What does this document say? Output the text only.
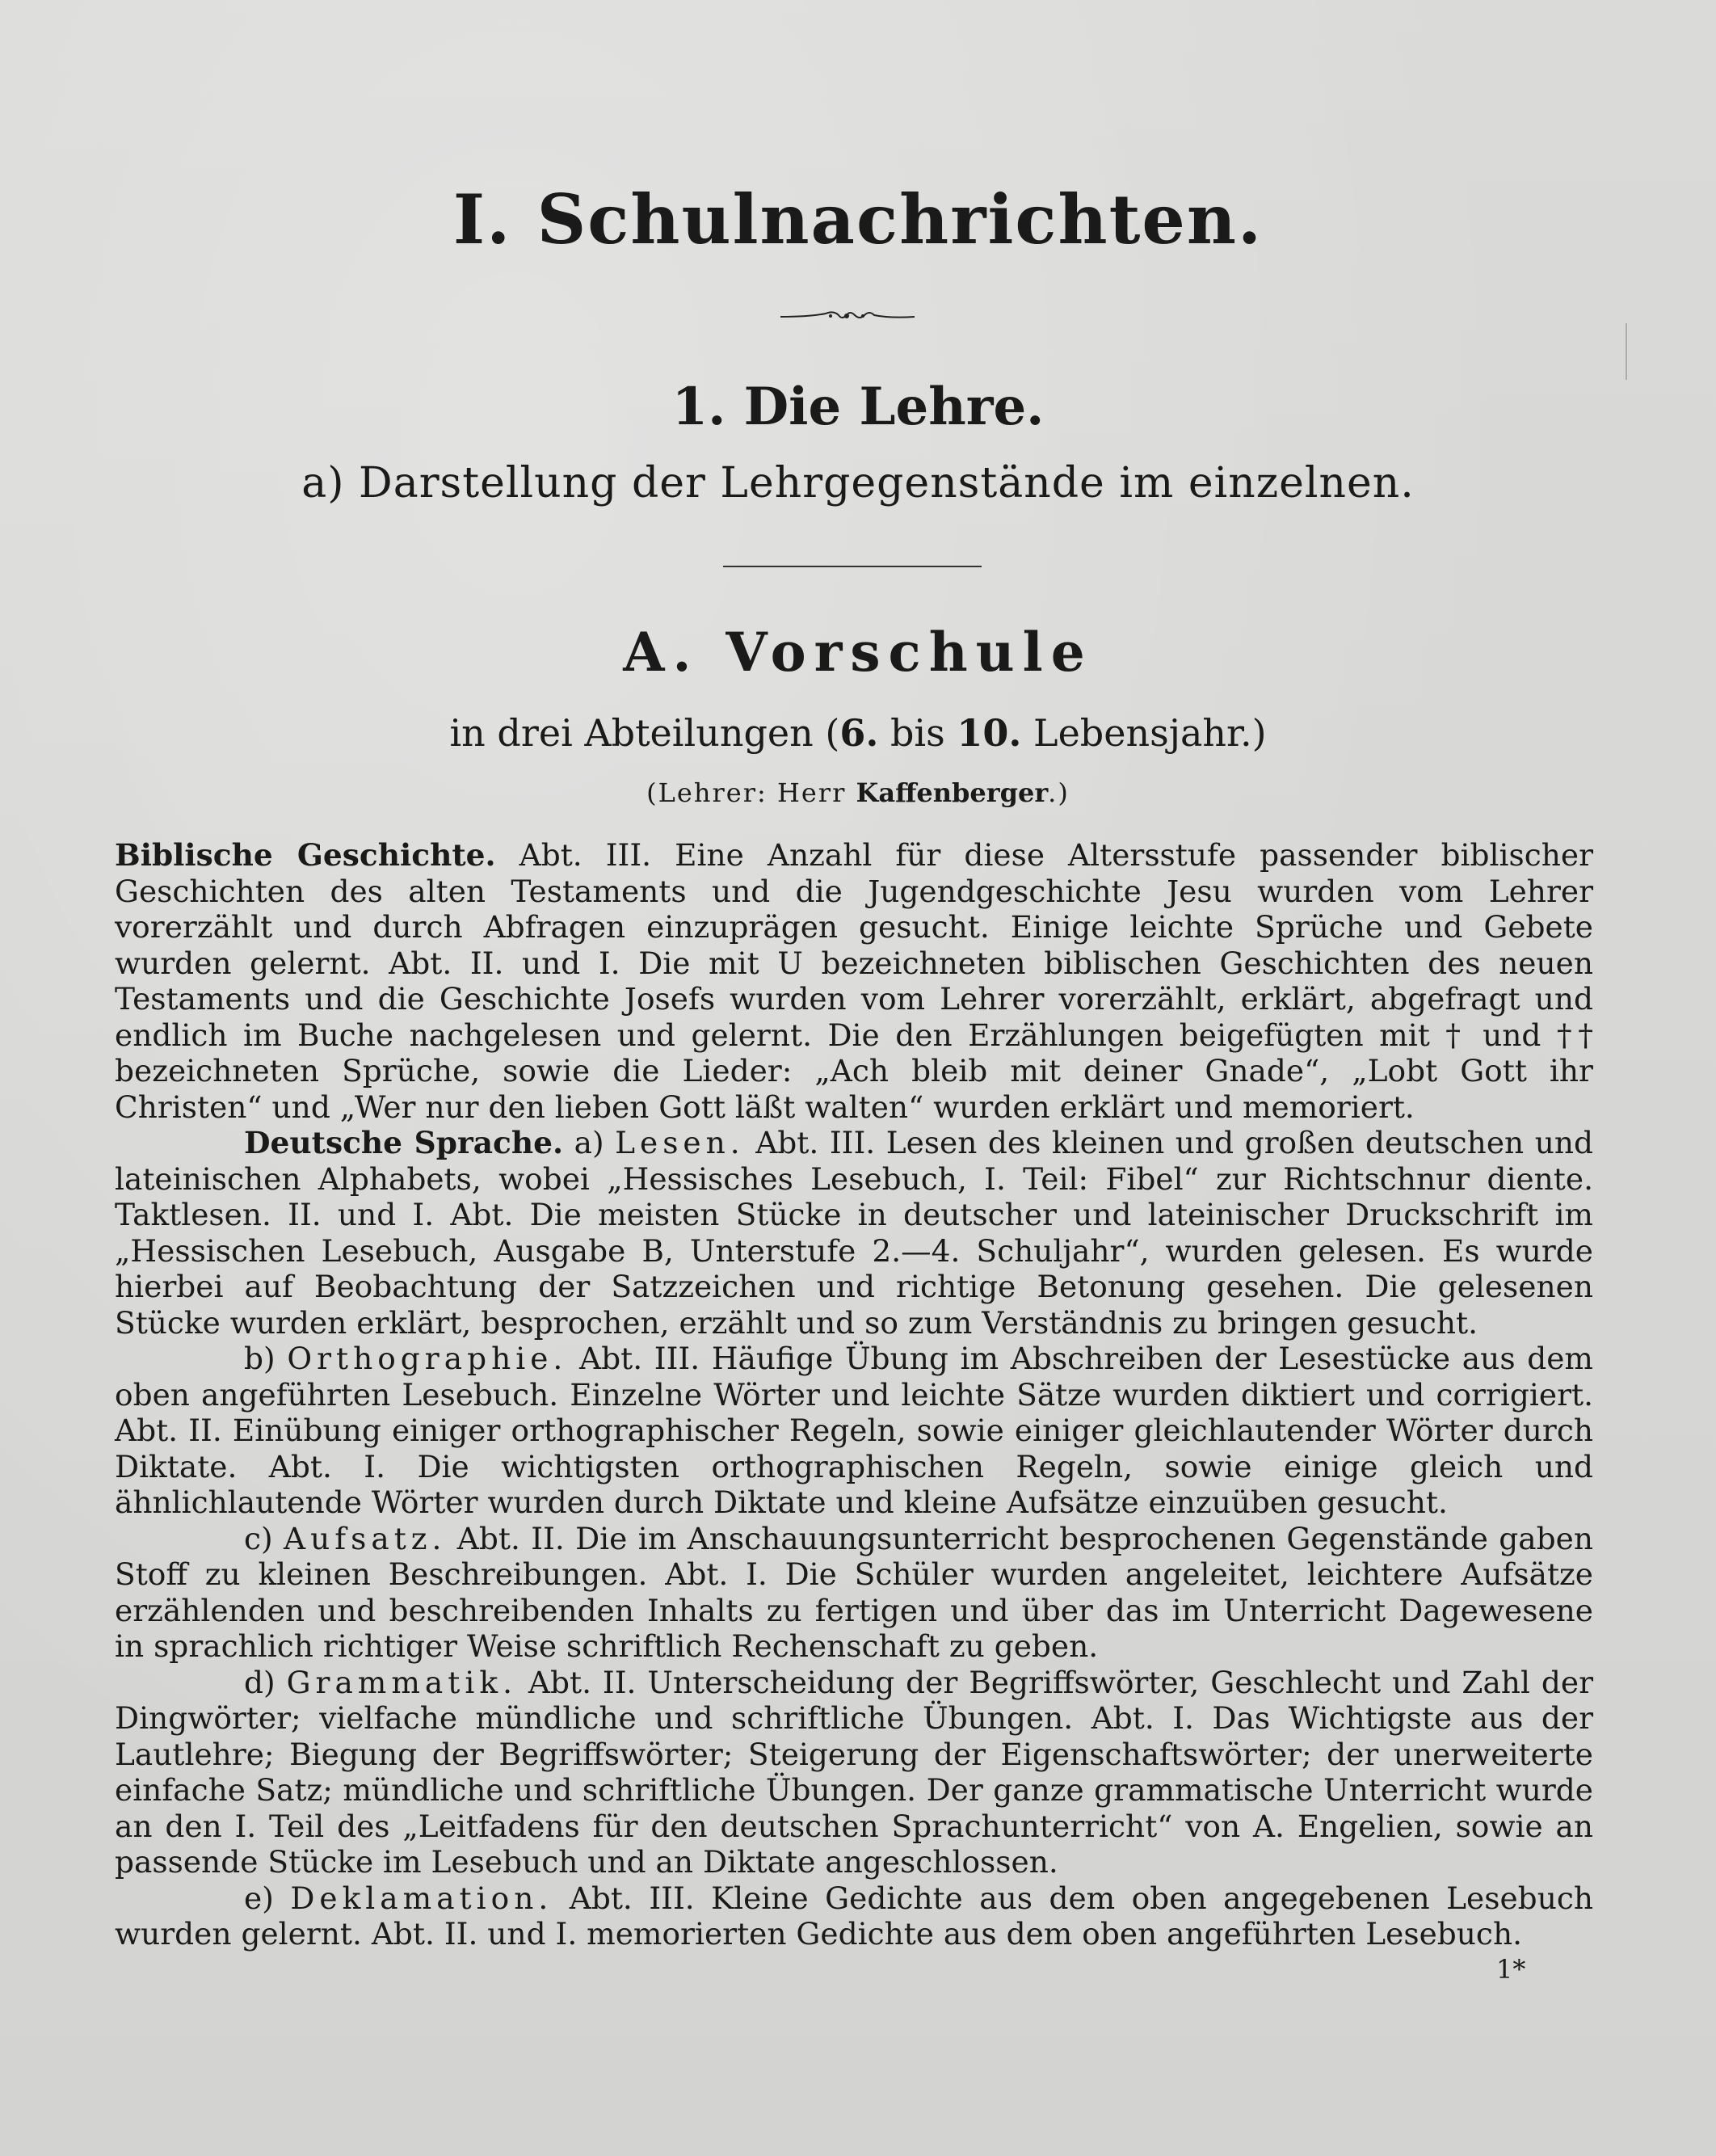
I. Schulnachrichten.
1. Die Lehre.
a) Darstellung der Lehrgegenstände im einzelnen.
A. Vorschule
in drei Abteilungen (6. bis 10. Lebensjahr.)
(Lehrer: Herr Kaffenberger.)

Biblische Geschichte. Abt. III. Eine Anzahl für diese Altersstufe passender biblischer Geschichten des alten Testaments und die Jugendgeschichte Jesu wurden vom Lehrer vorerzählt und durch Abfragen einzuprägen gesucht. Einige leichte Sprüche und Gebete wurden gelernt. Abt. II. und I. Die mit U bezeichneten biblischen Geschichten des neuen Testaments und die Geschichte Josefs wurden vom Lehrer vorerzählt, erklärt, abgefragt und endlich im Buche nachgelesen und gelernt. Die den Erzählungen beigefügten mit † und †† bezeichneten Sprüche, sowie die Lieder: „Ach bleib mit deiner Gnade“, „Lobt Gott ihr Christen“ und „Wer nur den lieben Gott läßt walten“ wurden erklärt und memoriert.

Deutsche Sprache. a) Lesen. Abt. III. Lesen des kleinen und großen deutschen und lateinischen Alphabets, wobei „Hessisches Lesebuch, I. Teil: Fibel“ zur Richtschnur diente. Taktlesen. II. und I. Abt. Die meisten Stücke in deutscher und lateinischer Druckschrift im „Hessischen Lesebuch, Ausgabe B, Unterstufe 2.—4. Schuljahr“, wurden gelesen. Es wurde hierbei auf Beobachtung der Satzzeichen und richtige Betonung gesehen. Die gelesenen Stücke wurden erklärt, besprochen, erzählt und so zum Verständnis zu bringen gesucht.

b) Orthographie. Abt. III. Häufige Übung im Abschreiben der Lesestücke aus dem oben angeführten Lesebuch. Einzelne Wörter und leichte Sätze wurden diktiert und corrigiert. Abt. II. Einübung einiger orthographischer Regeln, sowie einiger gleichlautender Wörter durch Diktate. Abt. I. Die wichtigsten orthographischen Regeln, sowie einige gleich und ähnlichlautende Wörter wurden durch Diktate und kleine Aufsätze einzuüben gesucht.

c) Aufsatz. Abt. II. Die im Anschauungsunterricht besprochenen Gegenstände gaben Stoff zu kleinen Beschreibungen. Abt. I. Die Schüler wurden angeleitet, leichtere Aufsätze erzählenden und beschreibenden Inhalts zu fertigen und über das im Unterricht Dagewesene in sprachlich richtiger Weise schriftlich Rechenschaft zu geben.

d) Grammatik. Abt. II. Unterscheidung der Begriffswörter, Geschlecht und Zahl der Dingwörter; vielfache mündliche und schriftliche Übungen. Abt. I. Das Wichtigste aus der Lautlehre; Biegung der Begriffswörter; Steigerung der Eigenschaftswörter; der unerweiterte einfache Satz; mündliche und schriftliche Übungen. Der ganze grammatische Unterricht wurde an den I. Teil des „Leitfadens für den deutschen Sprachunterricht“ von A. Engelien, sowie an passende Stücke im Lesebuch und an Diktate angeschlossen.

e) Deklamation. Abt. III. Kleine Gedichte aus dem oben angegebenen Lesebuch wurden gelernt. Abt. II. und I. memorierten Gedichte aus dem oben angeführten Lesebuch.

1*
